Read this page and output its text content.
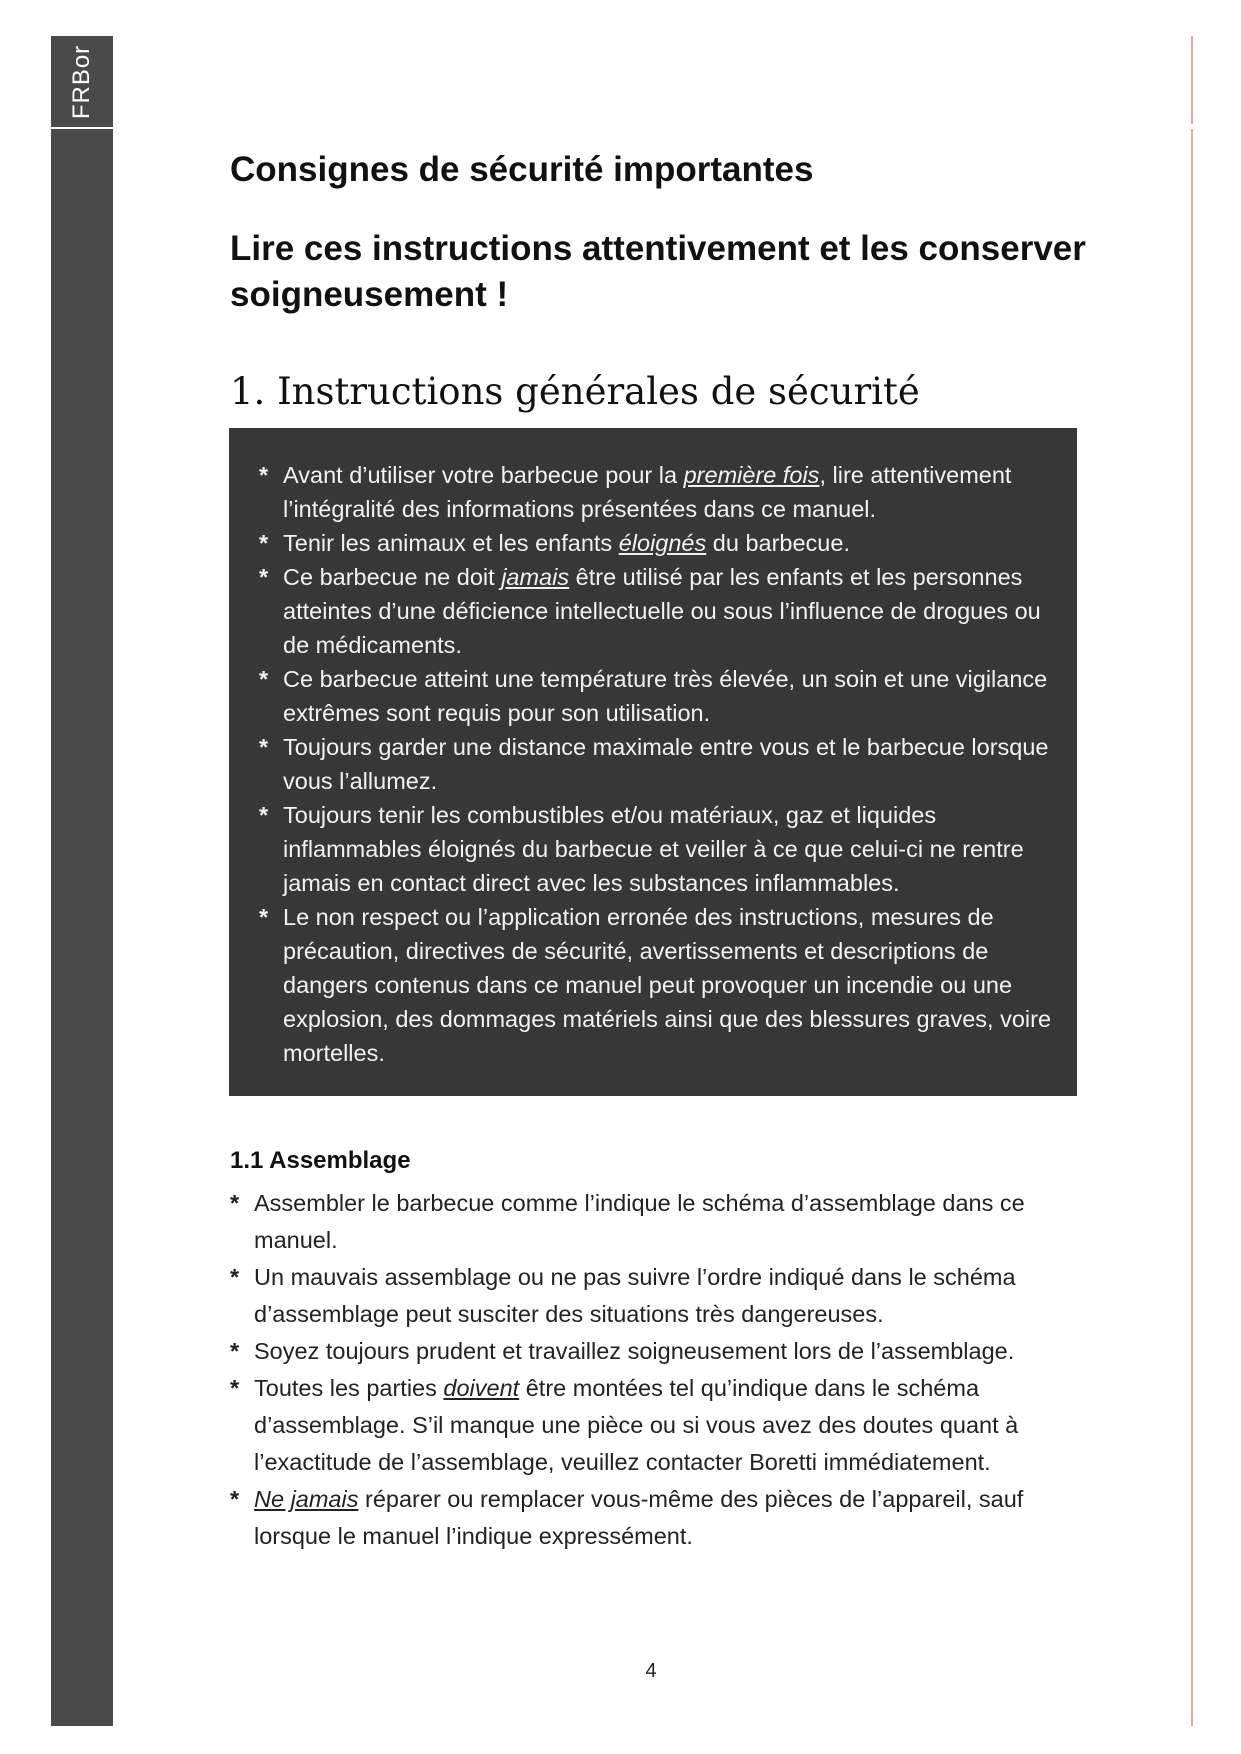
FRBor
Consignes de sécurité importantes
Lire ces instructions attentivement et les conserver soigneusement !
1. Instructions générales de sécurité
* Avant d’utiliser votre barbecue pour la première fois, lire attentivement l’intégralité des informations présentées dans ce manuel.
* Tenir les animaux et les enfants éloignés du barbecue.
* Ce barbecue ne doit jamais être utilisé par les enfants et les personnes atteintes d’une déficience intellectuelle ou sous l’influence de drogues ou de médicaments.
* Ce barbecue atteint une température très élevée, un soin et une vigilance extrêmes sont requis pour son utilisation.
* Toujours garder une distance maximale entre vous et le barbecue lorsque vous l’allumez.
* Toujours tenir les combustibles et/ou matériaux, gaz et liquides inflammables éloignés du barbecue et veiller à ce que celui-ci ne rentre jamais en contact direct avec les substances inflammables.
* Le non respect ou l’application erronée des instructions, mesures de précaution, directives de sécurité, avertissements et descriptions de dangers contenus dans ce manuel peut provoquer un incendie ou une explosion, des dommages matériels ainsi que des blessures graves, voire mortelles.
1.1 Assemblage
* Assembler le barbecue comme l’indique le schéma d’assemblage dans ce manuel.
* Un mauvais assemblage ou ne pas suivre l’ordre indiqué dans le schéma d’assemblage peut susciter des situations très dangereuses.
* Soyez toujours prudent et travaillez soigneusement lors de l’assemblage.
* Toutes les parties doivent être montées tel qu’indique dans le schéma d’assemblage. S’il manque une pièce ou si vous avez des doutes quant à l’exactitude de l’assemblage, veuillez contacter Boretti immédiatement.
* Ne jamais réparer ou remplacer vous-même des pièces de l’appareil, sauf lorsque le manuel l’indique expressément.
4
